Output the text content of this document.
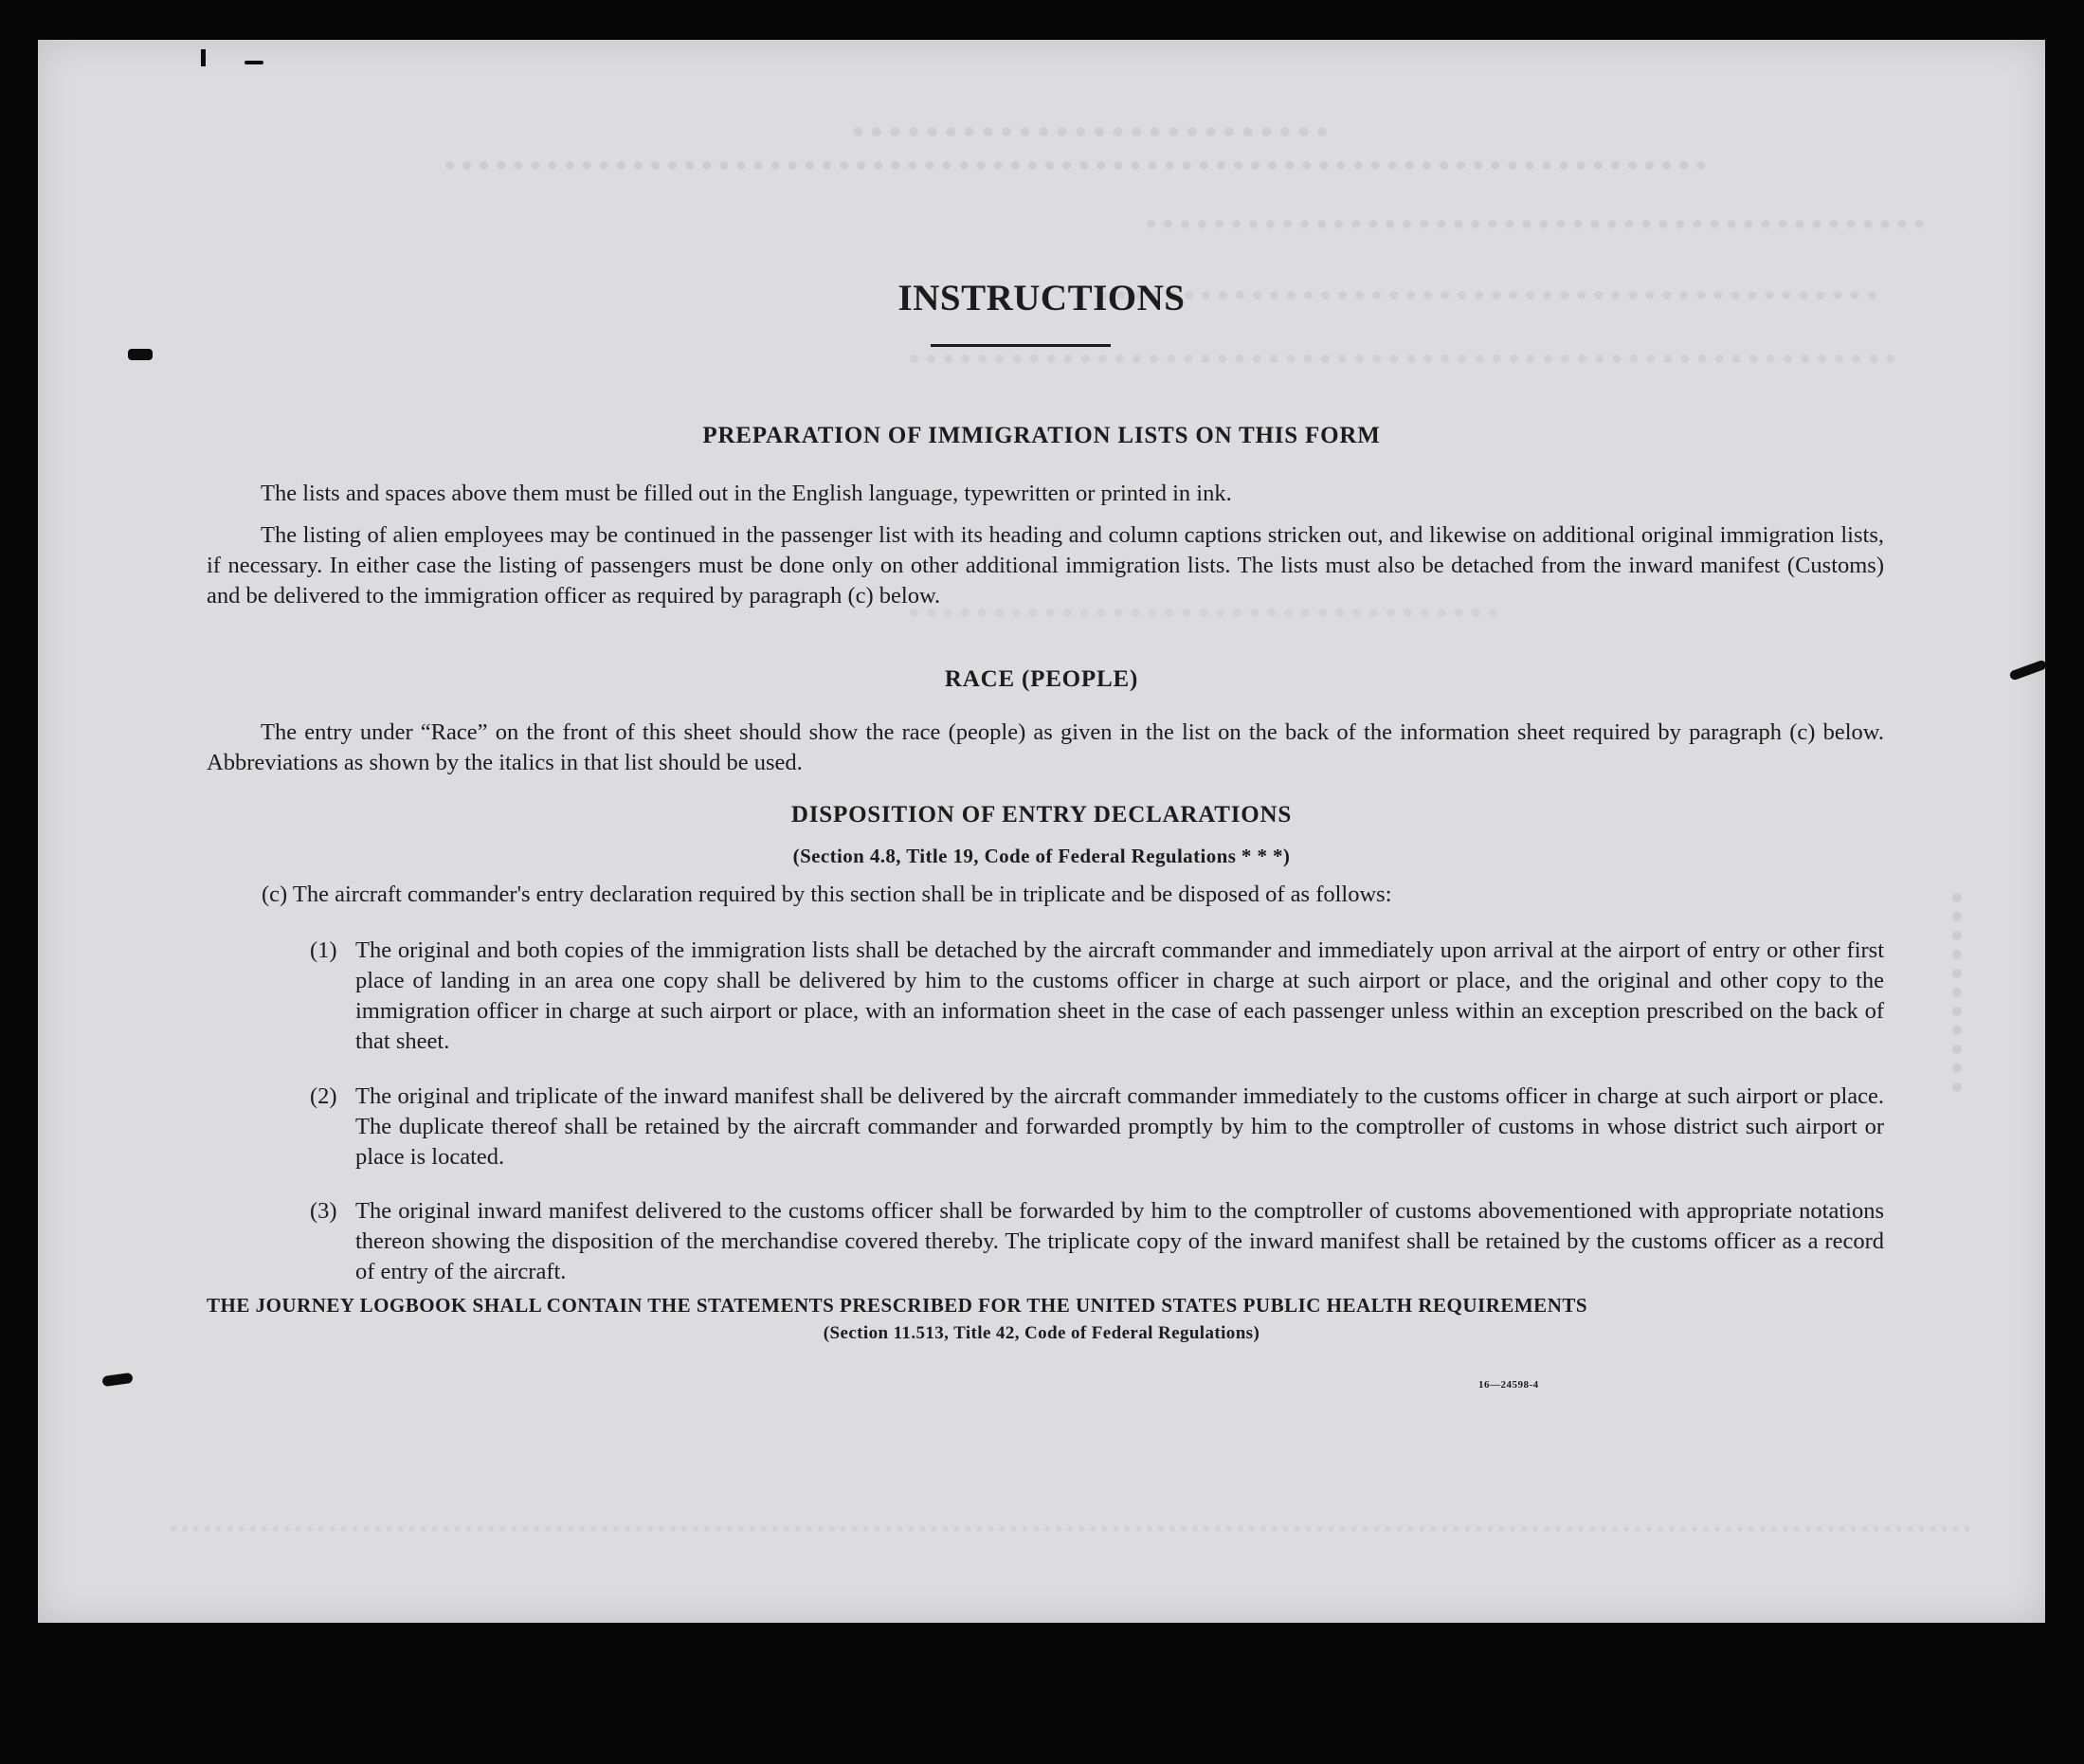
INSTRUCTIONS
PREPARATION OF IMMIGRATION LISTS ON THIS FORM
The lists and spaces above them must be filled out in the English language, typewritten or printed in ink.
The listing of alien employees may be continued in the passenger list with its heading and column captions stricken out, and likewise on additional original immigration lists, if necessary. In either case the listing of passengers must be done only on other additional immigration lists. The lists must also be detached from the inward manifest (Customs) and be delivered to the immigration officer as required by paragraph (c) below.
RACE (PEOPLE)
The entry under “Race” on the front of this sheet should show the race (people) as given in the list on the back of the information sheet required by paragraph (c) below. Abbreviations as shown by the italics in that list should be used.
DISPOSITION OF ENTRY DECLARATIONS
(Section 4.8, Title 19, Code of Federal Regulations * * *)
(c) The aircraft commander's entry declaration required by this section shall be in triplicate and be disposed of as follows:
(1) The original and both copies of the immigration lists shall be detached by the aircraft commander and immediately upon arrival at the airport of entry or other first place of landing in an area one copy shall be delivered by him to the customs officer in charge at such airport or place, and the original and other copy to the immigration officer in charge at such airport or place, with an information sheet in the case of each passenger unless within an exception prescribed on the back of that sheet.
(2) The original and triplicate of the inward manifest shall be delivered by the aircraft commander immediately to the customs officer in charge at such airport or place. The duplicate thereof shall be retained by the aircraft commander and forwarded promptly by him to the comptroller of customs in whose district such airport or place is located.
(3) The original inward manifest delivered to the customs officer shall be forwarded by him to the comptroller of customs abovementioned with appropriate notations thereon showing the disposition of the merchandise covered thereby. The triplicate copy of the inward manifest shall be retained by the customs officer as a record of entry of the aircraft.
THE JOURNEY LOGBOOK SHALL CONTAIN THE STATEMENTS PRESCRIBED FOR THE UNITED STATES PUBLIC HEALTH REQUIREMENTS
(Section 11.513, Title 42, Code of Federal Regulations)
16—24598-4
